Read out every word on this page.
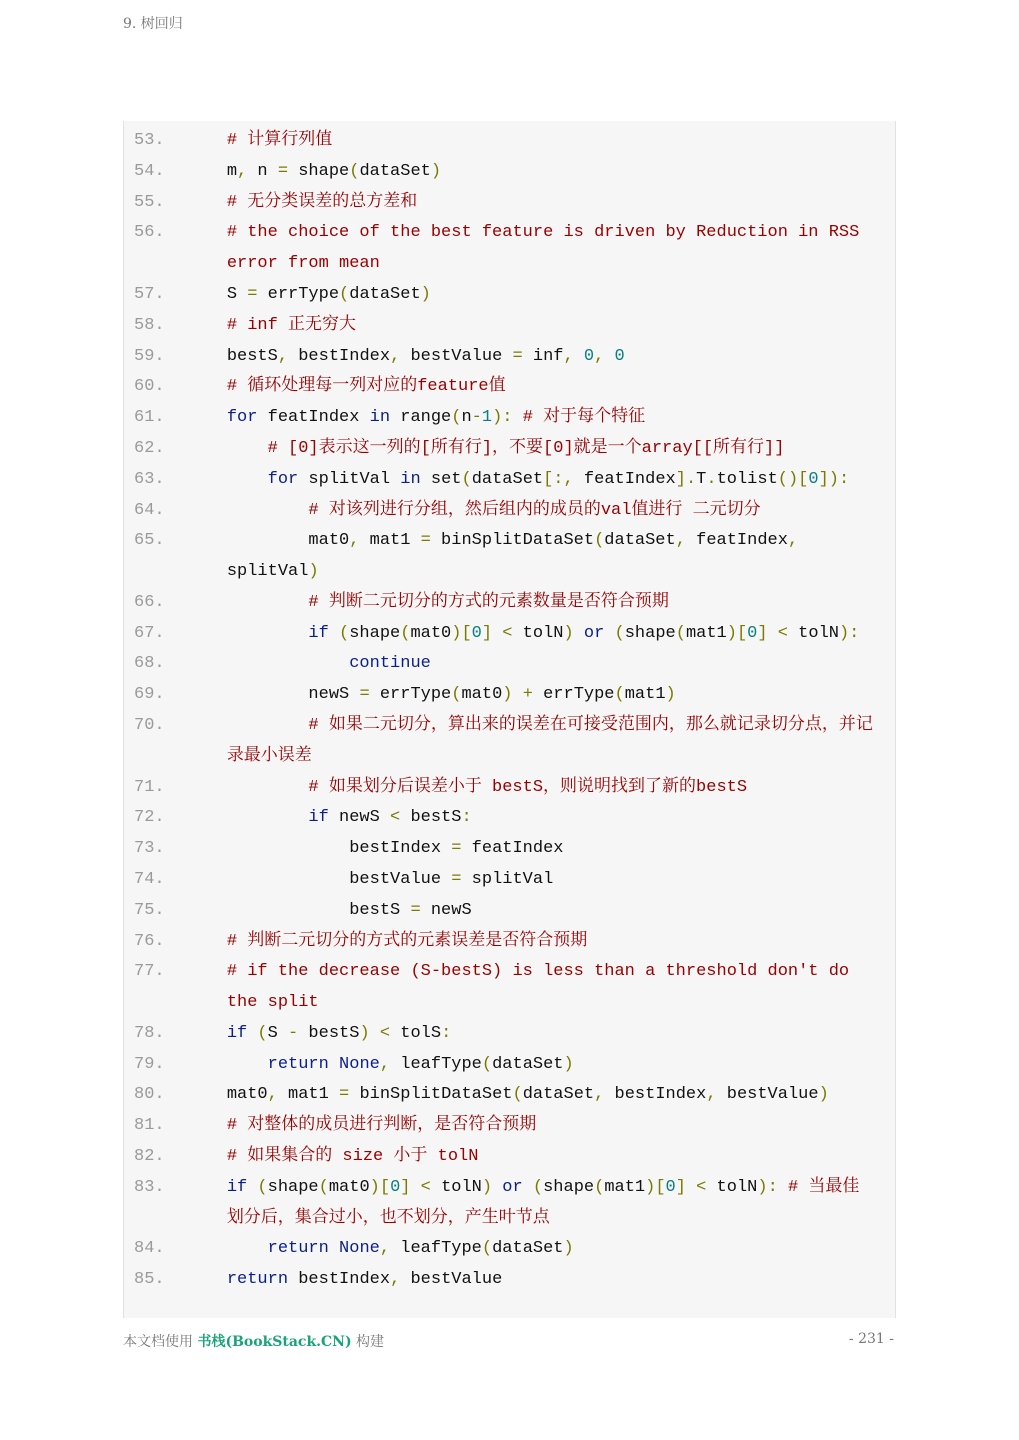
9. 树回归
53. # 计算行列值
54. m, n = shape(dataSet)
55. # 无分类误差的总方差和
56.	# the choice of the best feature is driven by Reduction in RSS
error from mean
57. S = errType(dataSet)
58. # inf 正无穷大
59. bestS, bestIndex, bestValue = inf, 0, 0
60. # 循环处理每一列对应的feature值
61.	for featIndex in range(n-1): # 对于每个特征
62. # [0]表示这一列的[所有行]，不要[0]就是一个array[[所有行]]
63.	for splitVal in set(dataSet[:, featIndex].T.tolist()[0]):
64. # 对该列进行分组，然后组内的成员的val值进行 二元切分
65. mat0, mat1 = binSplitDataSet(dataSet, featIndex,
splitVal)
66. # 判断二元切分的方式的元素数量是否符合预期
67.	if (shape(mat0)[0] < tolN) or (shape(mat1)[0] < tolN):
68.	continue
69. newS = errType(mat0) + errType(mat1)
70.	# 如果二元切分，算出来的误差在可接受范围内，那么就记录切分点，并记
录最小误差
71. # 如果划分后误差小于 bestS，则说明找到了新的bestS
72.	if newS < bestS:
73. bestIndex = featIndex
74. bestValue = splitVal
75. bestS = newS
76. # 判断二元切分的方式的元素误差是否符合预期
77.	# if the decrease (S-bestS) is less than a threshold don't do
the split
78.	if (S - bestS) < tolS:
79.	return None, leafType(dataSet)
80. mat0, mat1 = binSplitDataSet(dataSet, bestIndex, bestValue)
81. # 对整体的成员进行判断，是否符合预期
82. # 如果集合的 size 小于 tolN
83.	if (shape(mat0)[0] < tolN) or (shape(mat1)[0] < tolN): # 当最佳
划分后，集合过小，也不划分，产生叶节点
84.	return None, leafType(dataSet)
85.	return bestIndex, bestValue
本文档使用 书栈(BookStack.CN) 构建	- 231 -
